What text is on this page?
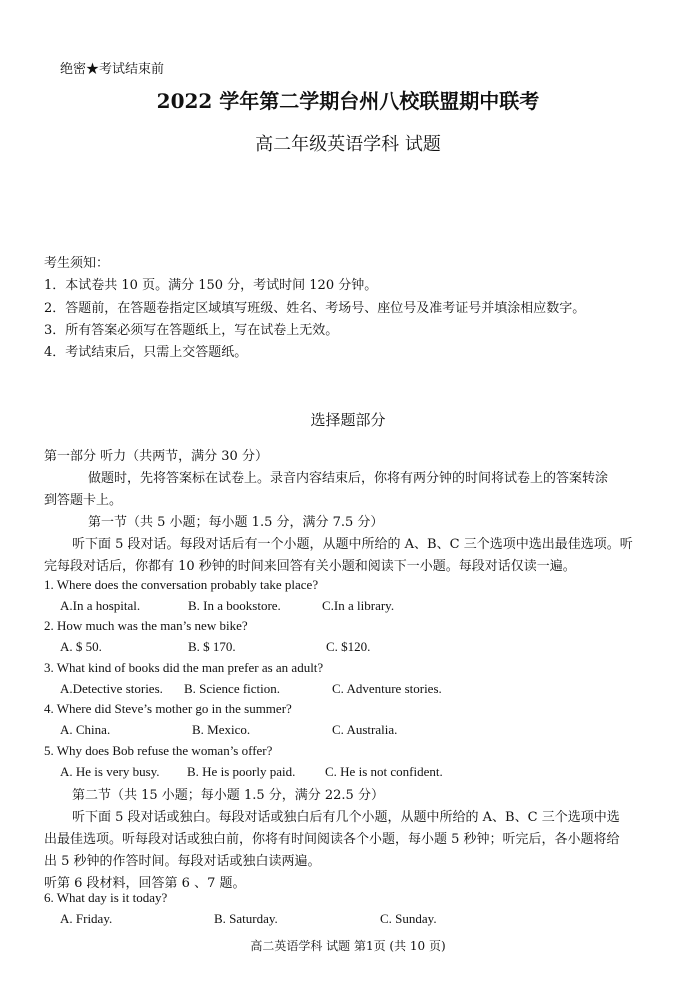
绝密★考试结束前
2022 学年第二学期台州八校联盟期中联考
高二年级英语学科 试题
考生须知：
1．本试卷共 10 页。满分 150 分，考试时间 120 分钟。
2．答题前，在答题卷指定区域填写班级、姓名、考场号、座位号及准考证号并填涂相应数字。
3．所有答案必须写在答题纸上，写在试卷上无效。
4．考试结束后，只需上交答题纸。
选择题部分
第一部分 听力（共两节，满分 30 分）
做题时，先将答案标在试卷上。录音内容结束后，你将有两分钟的时间将试卷上的答案转涂
到答题卡上。
第一节（共 5 小题；每小题 1.5 分，满分 7.5 分）
听下面 5 段对话。每段对话后有一个小题，从题中所给的 A、B、C 三个选项中选出最佳选项。听
完每段对话后，你都有 10 秒钟的时间来回答有关小题和阅读下一小题。每段对话仅读一遍。
1. Where does the conversation probably take place?
A.In a hospital.	B. In a bookstore.	C.In a library.
2. How much was the man’s new bike?
A. $ 50.	B. $ 170.	C. $120.
3. What kind of books did the man prefer as an adult?
A.Detective stories. B. Science fiction.	C. Adventure stories.
4. Where did Steve’s mother go in the summer?
A. China.	B. Mexico.	C. Australia.
5. Why does Bob refuse the woman’s offer?
A. He is very busy. B. He is poorly paid. C. He is not confident.
第二节（共 15 小题；每小题 1.5 分，满分 22.5 分）
听下面 5 段对话或独白。每段对话或独白后有几个小题，从题中所给的 A、B、C 三个选项中选
出最佳选项。听每段对话或独白前，你将有时间阅读各个小题，每小题 5 秒钟；听完后，各小题将给
出 5 秒钟的作答时间。每段对话或独白读两遍。
听第 6 段材料，回答第 6 、7 题。
6. What day is it today?
A. Friday.	B. Saturday.	C. Sunday.
高二英语学科 试题 第1页 (共 10 页)
